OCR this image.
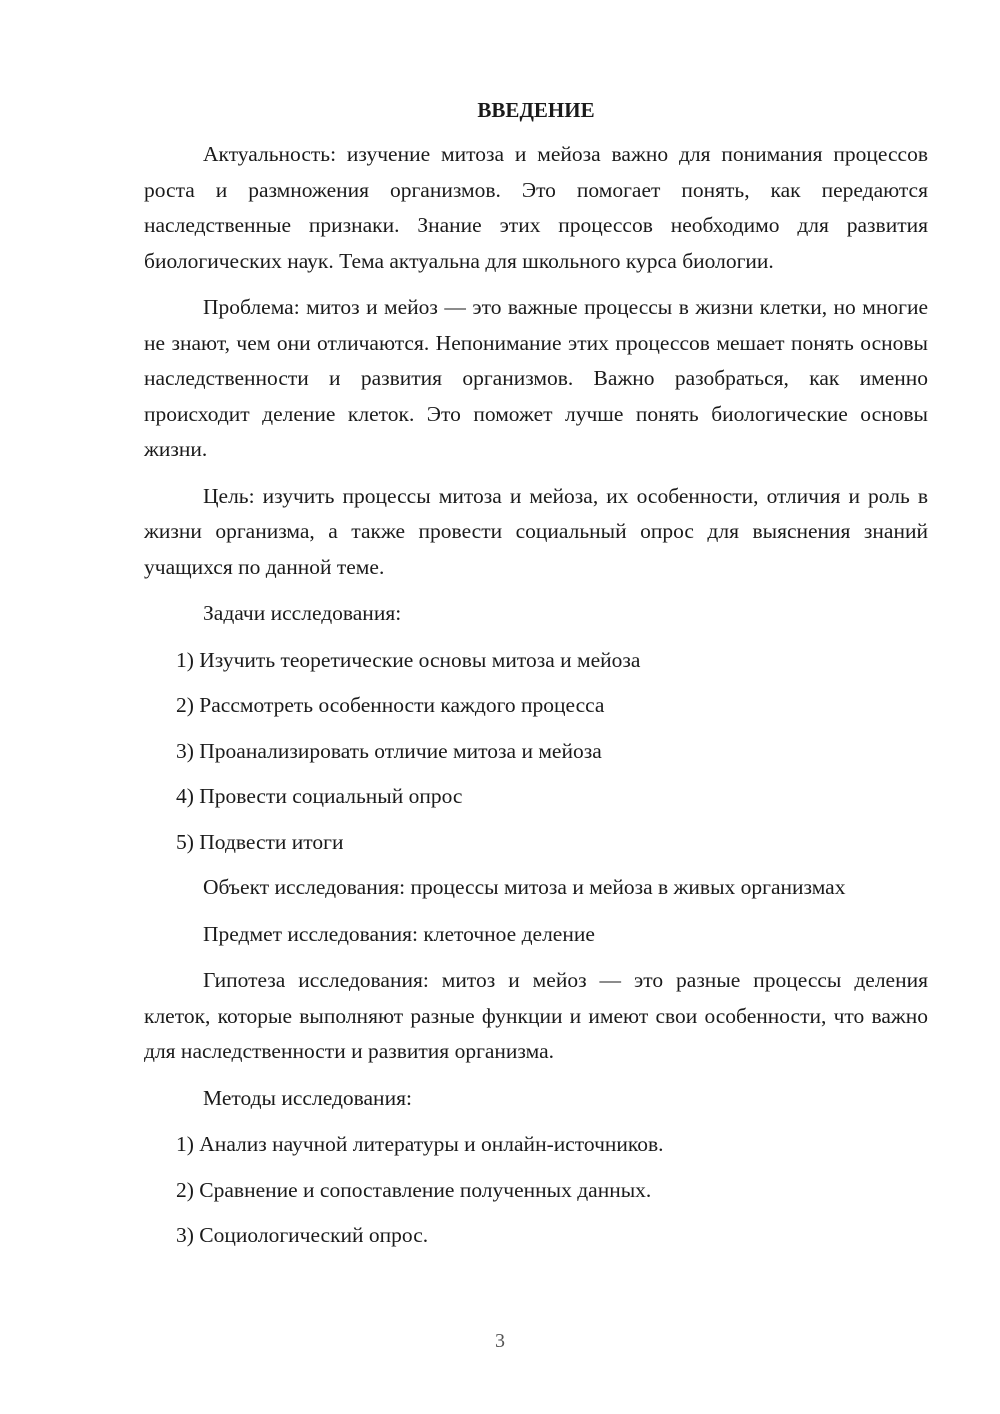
ВВЕДЕНИЕ

Актуальность: изучение митоза и мейоза важно для понимания процессов роста и размножения организмов. Это помогает понять, как передаются наследственные признаки. Знание этих процессов необходимо для развития биологических наук. Тема актуальна для школьного курса биологии.

Проблема: митоз и мейоз — это важные процессы в жизни клетки, но многие не знают, чем они отличаются. Непонимание этих процессов мешает понять основы наследственности и развития организмов. Важно разобраться, как именно происходит деление клеток. Это поможет лучше понять биологические основы жизни.

Цель: изучить процессы митоза и мейоза, их особенности, отличия и роль в жизни организма, а также провести социальный опрос для выяснения знаний учащихся по данной теме.

Задачи исследования:

1) Изучить теоретические основы митоза и мейоза
2) Рассмотреть особенности каждого процесса
3) Проанализировать отличие митоза и мейоза
4) Провести социальный опрос
5) Подвести итоги

Объект исследования: процессы митоза и мейоза в живых организмах

Предмет исследования: клеточное деление

Гипотеза исследования: митоз и мейоз — это разные процессы деления клеток, которые выполняют разные функции и имеют свои особенности, что важно для наследственности и развития организма.

Методы исследования:

1) Анализ научной литературы и онлайн-источников.
2) Сравнение и сопоставление полученных данных.
3) Социологический опрос.
3
